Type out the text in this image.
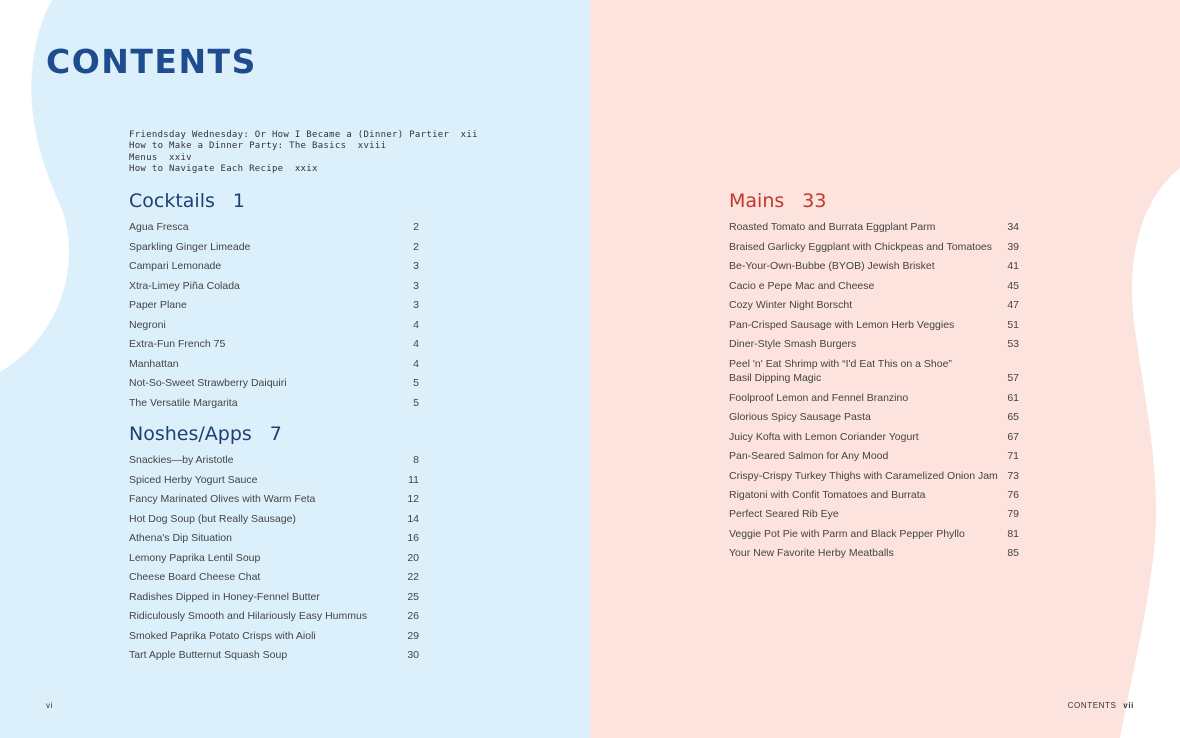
CONTENTS
Friendsday Wednesday: Or How I Became a (Dinner) Partier  xii
How to Make a Dinner Party: The Basics  xviii
Menus  xxiv
How to Navigate Each Recipe  xxix
Cocktails 1
Agua Fresca	2
Sparkling Ginger Limeade	2
Campari Lemonade	3
Xtra-Limey Piña Colada	3
Paper Plane	3
Negroni	4
Extra-Fun French 75	4
Manhattan	4
Not-So-Sweet Strawberry Daiquiri	5
The Versatile Margarita	5
Noshes/Apps 7
Snackies—by Aristotle	8
Spiced Herby Yogurt Sauce	11
Fancy Marinated Olives with Warm Feta	12
Hot Dog Soup (but Really Sausage)	14
Athena's Dip Situation	16
Lemony Paprika Lentil Soup	20
Cheese Board Cheese Chat	22
Radishes Dipped in Honey-Fennel Butter	25
Ridiculously Smooth and Hilariously Easy Hummus	26
Smoked Paprika Potato Crisps with Aioli	29
Tart Apple Butternut Squash Soup	30
Mains 33
Roasted Tomato and Burrata Eggplant Parm	34
Braised Garlicky Eggplant with Chickpeas and Tomatoes 39
Be-Your-Own-Bubbe (BYOB) Jewish Brisket	41
Cacio e Pepe Mac and Cheese	45
Cozy Winter Night Borscht	47
Pan-Crisped Sausage with Lemon Herb Veggies	51
Diner-Style Smash Burgers	53
Peel 'n' Eat Shrimp with “I'd Eat This on a Shoe” Basil Dipping Magic	57
Foolproof Lemon and Fennel Branzino	61
Glorious Spicy Sausage Pasta	65
Juicy Kofta with Lemon Coriander Yogurt	67
Pan-Seared Salmon for Any Mood	71
Crispy-Crispy Turkey Thighs with Caramelized Onion Jam 73
Rigatoni with Confit Tomatoes and Burrata	76
Perfect Seared Rib Eye	79
Veggie Pot Pie with Parm and Black Pepper Phyllo	81
Your New Favorite Herby Meatballs	85
vi	CONTENTS vii
